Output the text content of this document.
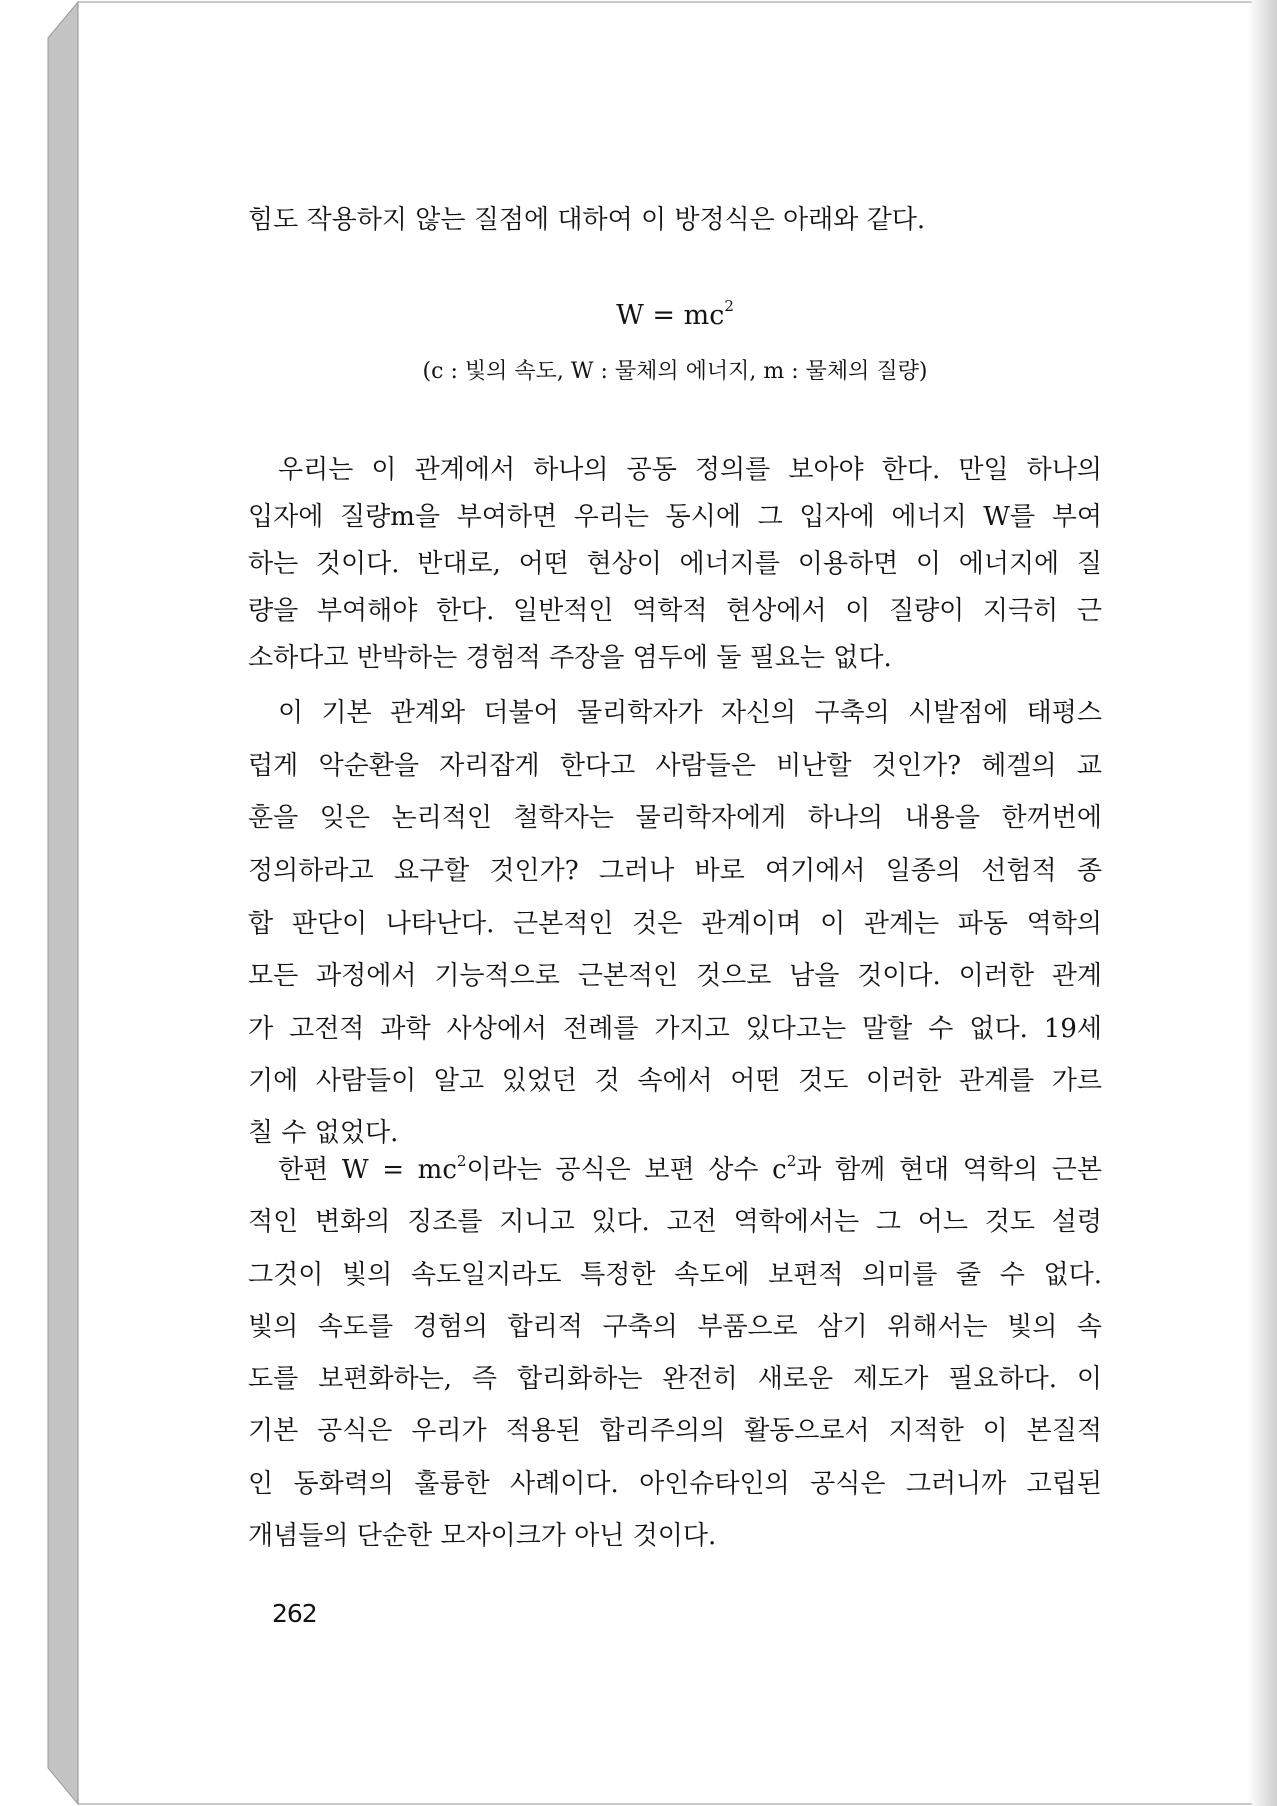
힘도 작용하지 않는 질점에 대하여 이 방정식은 아래와 같다.
$W = mc^2$
(c : 빛의 속도, W : 물체의 에너지, m : 물체의 질량)
우리는 이 관계에서 하나의 공동 정의를 보아야 한다. 만일 하나의
입자에 질량m을 부여하면 우리는 동시에 그 입자에 에너지 W를 부여
하는 것이다. 반대로, 어떤 현상이 에너지를 이용하면 이 에너지에 질
량을 부여해야 한다. 일반적인 역학적 현상에서 이 질량이 지극히 근
소하다고 반박하는 경험적 주장을 염두에 둘 필요는 없다.
이 기본 관계와 더불어 물리학자가 자신의 구축의 시발점에 태평스
럽게 악순환을 자리잡게 한다고 사람들은 비난할 것인가? 헤겔의 교
훈을 잊은 논리적인 철학자는 물리학자에게 하나의 내용을 한꺼번에
정의하라고 요구할 것인가? 그러나 바로 여기에서 일종의 선험적 종
합 판단이 나타난다. 근본적인 것은 관계이며 이 관계는 파동 역학의
모든 과정에서 기능적으로 근본적인 것으로 남을 것이다. 이러한 관계
가 고전적 과학 사상에서 전례를 가지고 있다고는 말할 수 없다. 19세
기에 사람들이 알고 있었던 것 속에서 어떤 것도 이러한 관계를 가르
칠 수 없었다.
한편 $W = mc^2$이라는 공식은 보편 상수 $c^2$과 함께 현대 역학의 근본
적인 변화의 징조를 지니고 있다. 고전 역학에서는 그 어느 것도 설령
그것이 빛의 속도일지라도 특정한 속도에 보편적 의미를 줄 수 없다.
빛의 속도를 경험의 합리적 구축의 부품으로 삼기 위해서는 빛의 속
도를 보편화하는, 즉 합리화하는 완전히 새로운 제도가 필요하다. 이
기본 공식은 우리가 적용된 합리주의의 활동으로서 지적한 이 본질적
인 동화력의 훌륭한 사례이다. 아인슈타인의 공식은 그러니까 고립된
개념들의 단순한 모자이크가 아닌 것이다.
262
